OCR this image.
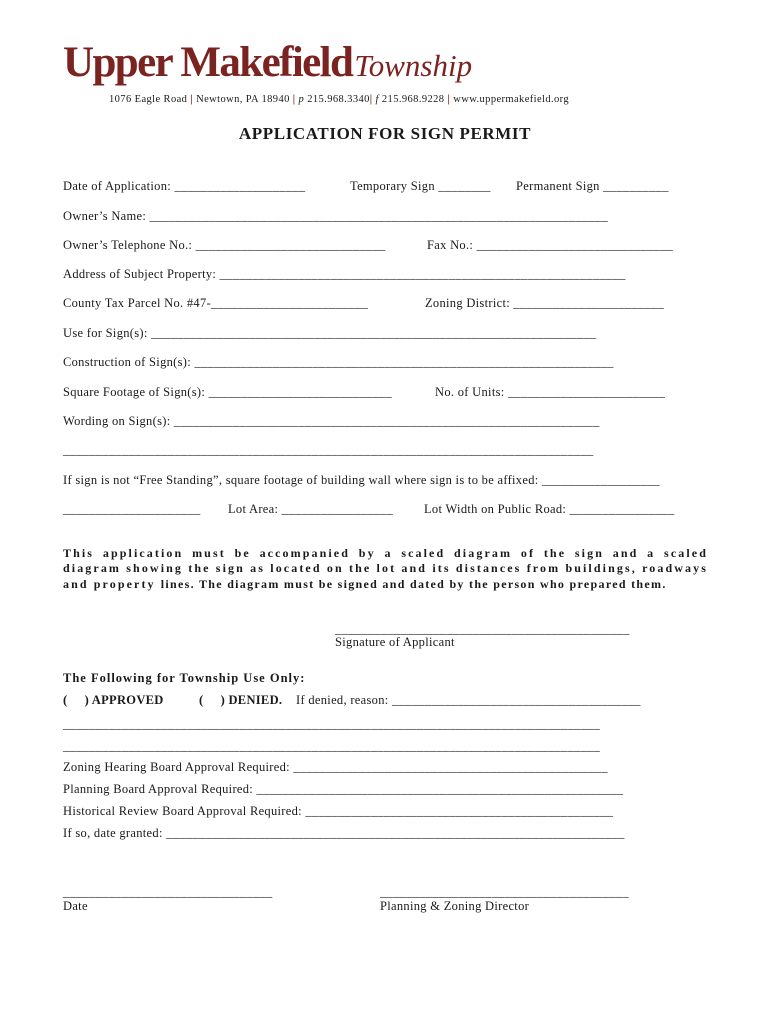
Upper MakefieldTownship
1076 Eagle Road | Newtown, PA 18940 | p 215.968.3340| f 215.968.9228 | www.uppermakefield.org
APPLICATION FOR SIGN PERMIT
Date of Application: ____________________	Temporary Sign ________ Permanent Sign __________
Owner’s Name: ______________________________________________________________________
Owner’s Telephone No.: _____________________________	Fax No.: ______________________________
Address of Subject Property: ______________________________________________________________
County Tax Parcel No. #47-________________________	Zoning District: _______________________
Use for Sign(s): ____________________________________________________________________
Construction of Sign(s): ________________________________________________________________
Square Footage of Sign(s): ____________________________	No. of Units: ________________________
Wording on Sign(s): _________________________________________________________________
_________________________________________________________________________________
If sign is not “Free Standing”, square footage of building wall where sign is to be affixed: __________________
_____________________ Lot Area: _________________ Lot Width on Public Road: ________________
This application must be accompanied by a scaled diagram of the sign and a scaled diagram showing the sign as located on the lot and its distances from buildings, roadways and property lines. The diagram must be signed and dated by the person who prepared them.
_____________________________________________
Signature of Applicant
The Following for Township Use Only:
(     ) APPROVED	(     ) DENIED. If denied, reason: ______________________________________
__________________________________________________________________________________
__________________________________________________________________________________
Zoning Hearing Board Approval Required: ________________________________________________
Planning Board Approval Required: ________________________________________________________
Historical Review Board Approval Required: _______________________________________________
If so, date granted: ______________________________________________________________________
________________________________
Date
______________________________________
Planning & Zoning Director
